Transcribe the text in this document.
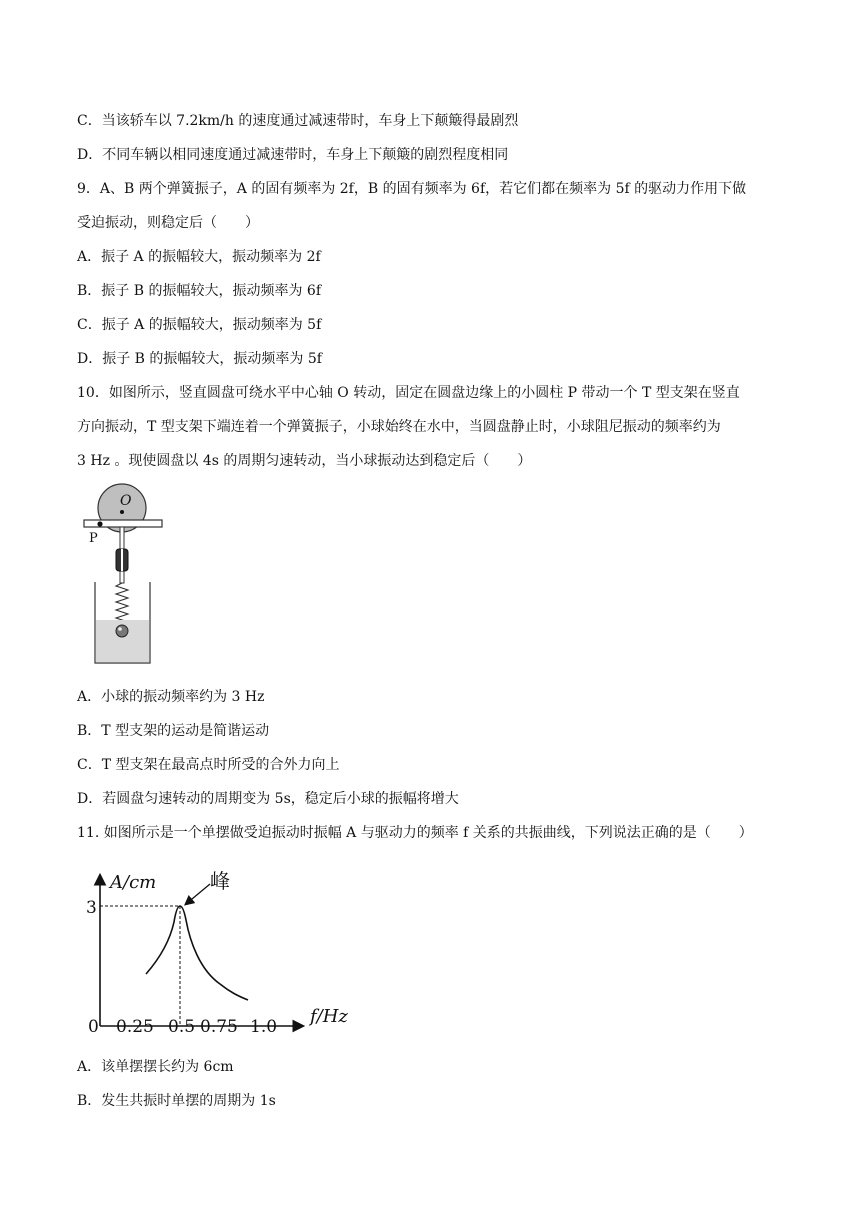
C．当该轿车以 7.2km/h 的速度通过减速带时，车身上下颠簸得最剧烈
D．不同车辆以相同速度通过减速带时，车身上下颠簸的剧烈程度相同
9．A、B 两个弹簧振子，A 的固有频率为 2f，B 的固有频率为 6f，若它们都在频率为 5f 的驱动力作用下做
受迫振动，则稳定后（　　）
A．振子 A 的振幅较大，振动频率为 2f
B．振子 B 的振幅较大，振动频率为 6f
C．振子 A 的振幅较大，振动频率为 5f
D．振子 B 的振幅较大，振动频率为 5f
10．如图所示，竖直圆盘可绕水平中心轴 O 转动，固定在圆盘边缘上的小圆柱 P 带动一个 T 型支架在竖直
方向振动，T 型支架下端连着一个弹簧振子，小球始终在水中，当圆盘静止时，小球阻尼振动的频率约为
3 Hz 。现使圆盘以 4s 的周期匀速转动，当小球振动达到稳定后（　　）
O
P
A．小球的振动频率约为 3 Hz
B．T 型支架的运动是简谐运动
C．T 型支架在最高点时所受的合外力向上
D．若圆盘匀速转动的周期变为 5s，稳定后小球的振幅将增大
11. 如图所示是一个单摆做受迫振动时振幅 A 与驱动力的频率 f 关系的共振曲线，下列说法正确的是（　　）
A/cm
f/Hz
0
3
0.25 0.5 0.75 1.0
峰
A．该单摆摆长约为 6cm
B．发生共振时单摆的周期为 1s
